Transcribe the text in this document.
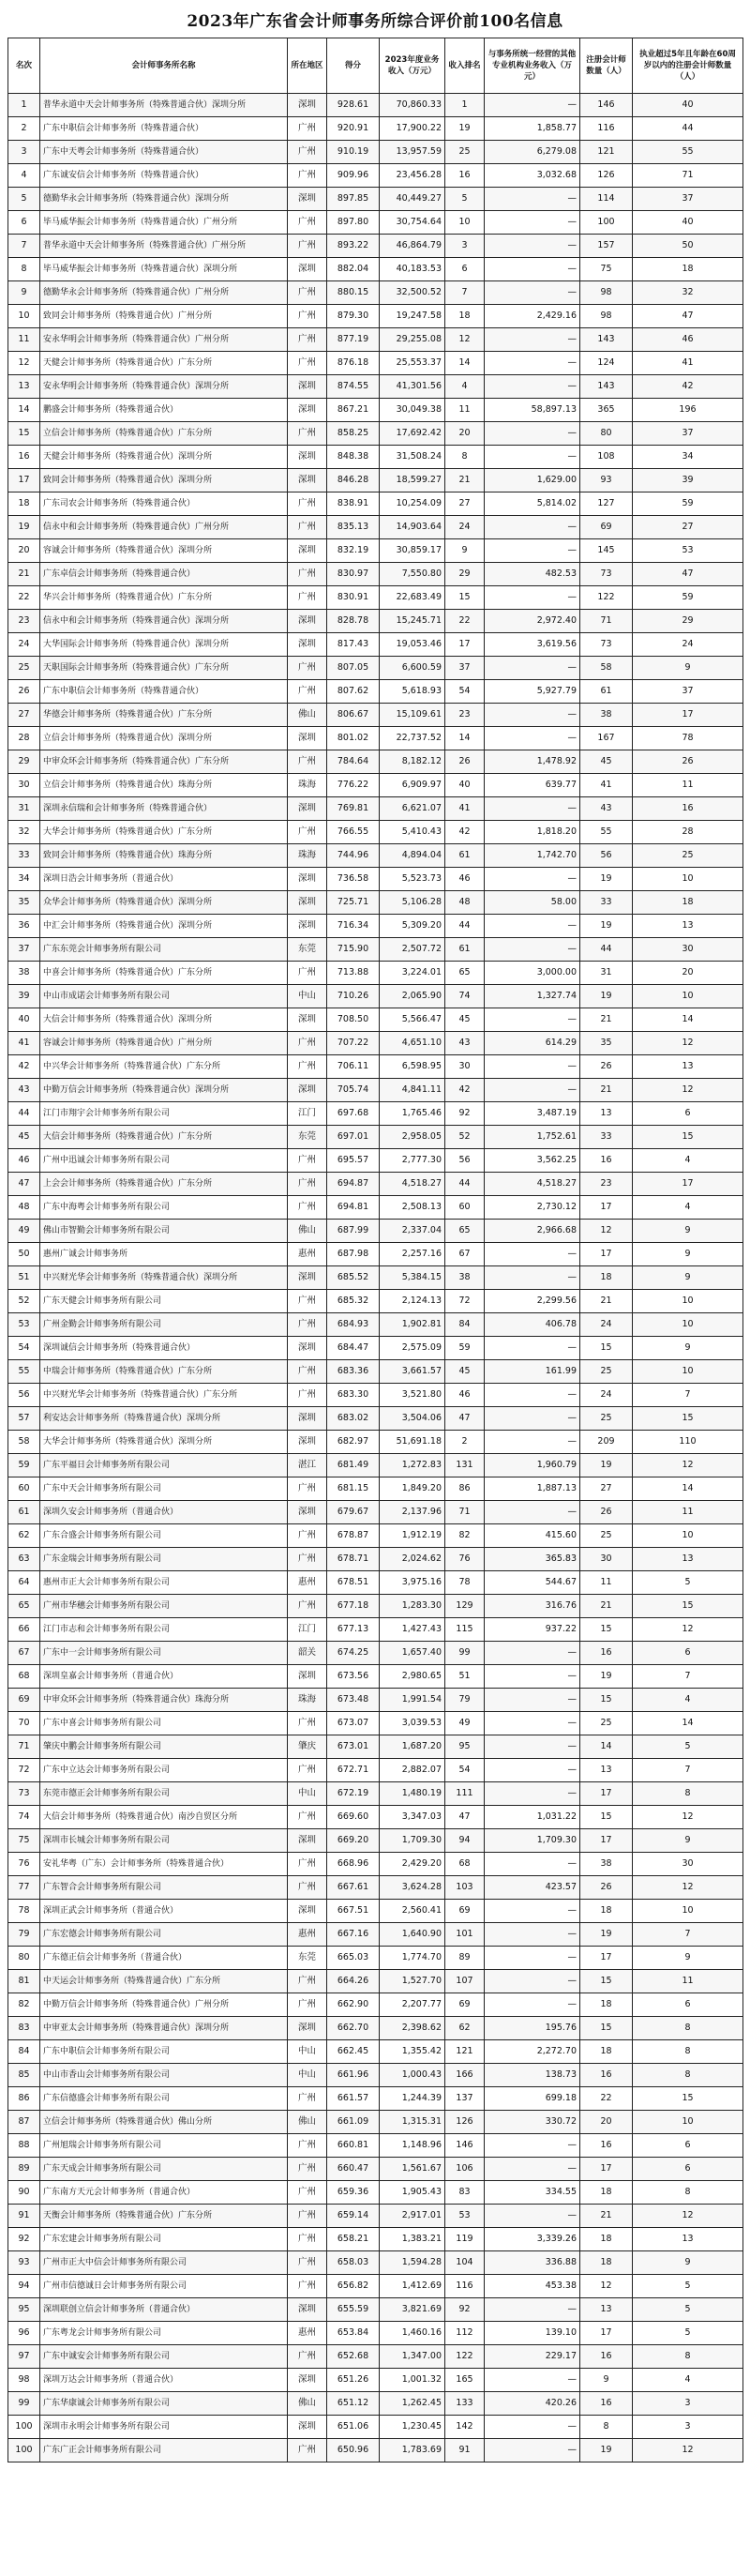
2023年广东省会计师事务所综合评价前100名信息
名次	会计师事务所名称	所在地区	得分	2023年度业务收入（万元）	收入排名	与事务所统一经营的其他专业机构业务收入（万元）	注册会计师数量（人）	执业超过5年且年龄在60周岁以内的注册会计师数量（人）
1	普华永道中天会计师事务所（特殊普通合伙）深圳分所	深圳	928.61	70,860.33	1	—	146	40
2	广东中职信会计师事务所（特殊普通合伙）	广州	920.91	17,900.22	19	1,858.77	116	44
3	广东中天粤会计师事务所（特殊普通合伙）	广州	910.19	13,957.59	25	6,279.08	121	55
4	广东诚安信会计师事务所（特殊普通合伙）	广州	909.96	23,456.28	16	3,032.68	126	71
5	德勤华永会计师事务所（特殊普通合伙）深圳分所	深圳	897.85	40,449.27	5	—	114	37
6	毕马威华振会计师事务所（特殊普通合伙）广州分所	广州	897.80	30,754.64	10	—	100	40
7	普华永道中天会计师事务所（特殊普通合伙）广州分所	广州	893.22	46,864.79	3	—	157	50
8	毕马威华振会计师事务所（特殊普通合伙）深圳分所	深圳	882.04	40,183.53	6	—	75	18
9	德勤华永会计师事务所（特殊普通合伙）广州分所	广州	880.15	32,500.52	7	—	98	32
10	致同会计师事务所（特殊普通合伙）广州分所	广州	879.30	19,247.58	18	2,429.16	98	47
11	安永华明会计师事务所（特殊普通合伙）广州分所	广州	877.19	29,255.08	12	—	143	46
12	天健会计师事务所（特殊普通合伙）广东分所	广州	876.18	25,553.37	14	—	124	41
13	安永华明会计师事务所（特殊普通合伙）深圳分所	深圳	874.55	41,301.56	4	—	143	42
14	鹏盛会计师事务所（特殊普通合伙）	深圳	867.21	30,049.38	11	58,897.13	365	196
15	立信会计师事务所（特殊普通合伙）广东分所	广州	858.25	17,692.42	20	—	80	37
16	天健会计师事务所（特殊普通合伙）深圳分所	深圳	848.38	31,508.24	8	—	108	34
17	致同会计师事务所（特殊普通合伙）深圳分所	深圳	846.28	18,599.27	21	1,629.00	93	39
18	广东司农会计师事务所（特殊普通合伙）	广州	838.91	10,254.09	27	5,814.02	127	59
19	信永中和会计师事务所（特殊普通合伙）广州分所	广州	835.13	14,903.64	24	—	69	27
20	容诚会计师事务所（特殊普通合伙）深圳分所	深圳	832.19	30,859.17	9	—	145	53
21	广东卓信会计师事务所（特殊普通合伙）	广州	830.97	7,550.80	29	482.53	73	47
22	华兴会计师事务所（特殊普通合伙）广东分所	广州	830.91	22,683.49	15	—	122	59
23	信永中和会计师事务所（特殊普通合伙）深圳分所	深圳	828.78	15,245.71	22	2,972.40	71	29
24	大华国际会计师事务所（特殊普通合伙）深圳分所	深圳	817.43	19,053.46	17	3,619.56	73	24
25	天职国际会计师事务所（特殊普通合伙）广东分所	广州	807.05	6,600.59	37	—	58	9
26	广东中职信会计师事务所（特殊普通合伙）	广州	807.62	5,618.93	54	5,927.79	61	37
27	华德会计师事务所（特殊普通合伙）广东分所	佛山	806.67	15,109.61	23	—	38	17
28	立信会计师事务所（特殊普通合伙）深圳分所	深圳	801.02	22,737.52	14	—	167	78
29	中审众环会计师事务所（特殊普通合伙）广东分所	广州	784.64	8,182.12	26	1,478.92	45	26
30	立信会计师事务所（特殊普通合伙）珠海分所	珠海	776.22	6,909.97	40	639.77	41	11
31	深圳永信瑞和会计师事务所（特殊普通合伙）	深圳	769.81	6,621.07	41	—	43	16
32	大华会计师事务所（特殊普通合伙）广东分所	广州	766.55	5,410.43	42	1,818.20	55	28
33	致同会计师事务所（特殊普通合伙）珠海分所	珠海	744.96	4,894.04	61	1,742.70	56	25
34	深圳日浩会计师事务所（普通合伙）	深圳	736.58	5,523.73	46	—	19	10
35	众华会计师事务所（特殊普通合伙）深圳分所	深圳	725.71	5,106.28	48	58.00	33	18
36	中汇会计师事务所（特殊普通合伙）深圳分所	深圳	716.34	5,309.20	44	—	19	13
37	广东东莞会计师事务所有限公司	东莞	715.90	2,507.72	61	—	44	30
38	中喜会计师事务所（特殊普通合伙）广东分所	广州	713.88	3,224.01	65	3,000.00	31	20
39	中山市成诺会计师事务所有限公司	中山	710.26	2,065.90	74	1,327.74	19	10
40	大信会计师事务所（特殊普通合伙）深圳分所	深圳	708.50	5,566.47	45	—	21	14
41	容诚会计师事务所（特殊普通合伙）广州分所	广州	707.22	4,651.10	43	614.29	35	12
42	中兴华会计师事务所（特殊普通合伙）广东分所	广州	706.11	6,598.95	30	—	26	13
43	中勤万信会计师事务所（特殊普通合伙）深圳分所	深圳	705.74	4,841.11	42	—	21	12
44	江门市翔宇会计师事务所有限公司	江门	697.68	1,765.46	92	3,487.19	13	6
45	大信会计师事务所（特殊普通合伙）广东分所	东莞	697.01	2,958.05	52	1,752.61	33	15
46	广州中迅诚会计师事务所有限公司	广州	695.57	2,777.30	56	3,562.25	16	4
47	上会会计师事务所（特殊普通合伙）广东分所	广州	694.87	4,518.27	44	4,518.27	23	17
48	广东中海粤会计师事务所有限公司	广州	694.81	2,508.13	60	2,730.12	17	4
49	佛山市智勤会计师事务所有限公司	佛山	687.99	2,337.04	65	2,966.68	12	9
50	惠州广诚会计师事务所	惠州	687.98	2,257.16	67	—	17	9
51	中兴财光华会计师事务所（特殊普通合伙）深圳分所	深圳	685.52	5,384.15	38	—	18	9
52	广东天健会计师事务所有限公司	广州	685.32	2,124.13	72	2,299.56	21	10
53	广州金勤会计师事务所有限公司	广州	684.93	1,902.81	84	406.78	24	10
54	深圳诚信会计师事务所（特殊普通合伙）	深圳	684.47	2,575.09	59	—	15	9
55	中瑞会计师事务所（特殊普通合伙）广东分所	广州	683.36	3,661.57	45	161.99	25	10
56	中兴财光华会计师事务所（特殊普通合伙）广东分所	广州	683.30	3,521.80	46	—	24	7
57	利安达会计师事务所（特殊普通合伙）深圳分所	深圳	683.02	3,504.06	47	—	25	15
58	大华会计师事务所（特殊普通合伙）深圳分所	深圳	682.97	51,691.18	2	—	209	110
59	广东平福日会计师事务所有限公司	湛江	681.49	1,272.83	131	1,960.79	19	12
60	广东中天会计师事务所有限公司	广州	681.15	1,849.20	86	1,887.13	27	14
61	深圳久安会计师事务所（普通合伙）	深圳	679.67	2,137.96	71	—	26	11
62	广东合盛会计师事务所有限公司	广州	678.87	1,912.19	82	415.60	25	10
63	广东金瑞会计师事务所有限公司	广州	678.71	2,024.62	76	365.83	30	13
64	惠州市正大会计师事务所有限公司	惠州	678.51	3,975.16	78	544.67	11	5
65	广州市华穗会计师事务所有限公司	广州	677.18	1,283.30	129	316.76	21	15
66	江门市志和会计师事务所有限公司	江门	677.13	1,427.43	115	937.22	15	12
67	广东中一会计师事务所有限公司	韶关	674.25	1,657.40	99	—	16	6
68	深圳皇嘉会计师事务所（普通合伙）	深圳	673.56	2,980.65	51	—	19	7
69	中审众环会计师事务所（特殊普通合伙）珠海分所	珠海	673.48	1,991.54	79	—	15	4
70	广东中喜会计师事务所有限公司	广州	673.07	3,039.53	49	—	25	14
71	肇庆中鹏会计师事务所有限公司	肇庆	673.01	1,687.20	95	—	14	5
72	广东中立达会计师事务所有限公司	广州	672.71	2,882.07	54	—	13	7
73	东莞市德正会计师事务所有限公司	中山	672.19	1,480.19	111	—	17	8
74	大信会计师事务所（特殊普通合伙）南沙自贸区分所	广州	669.60	3,347.03	47	1,031.22	15	12
75	深圳市长城会计师事务所有限公司	深圳	669.20	1,709.30	94	1,709.30	17	9
76	安礼华粤（广东）会计师事务所（特殊普通合伙）	广州	668.96	2,429.20	68	—	38	30
77	广东智合会计师事务所有限公司	广州	667.61	3,624.28	103	423.57	26	12
78	深圳正武会计师事务所（普通合伙）	深圳	667.51	2,560.41	69	—	18	10
79	广东宏德会计师事务所有限公司	惠州	667.16	1,640.90	101	—	19	7
80	广东德正信会计师事务所（普通合伙）	东莞	665.03	1,774.70	89	—	17	9
81	中天运会计师事务所（特殊普通合伙）广东分所	广州	664.26	1,527.70	107	—	15	11
82	中勤万信会计师事务所（特殊普通合伙）广州分所	广州	662.90	2,207.77	69	—	18	6
83	中审亚太会计师事务所（特殊普通合伙）深圳分所	深圳	662.70	2,398.62	62	195.76	15	8
84	广东中职信会计师事务所有限公司	中山	662.45	1,355.42	121	2,272.70	18	8
85	中山市香山会计师事务所有限公司	中山	661.96	1,000.43	166	138.73	16	8
86	广东信德盛会计师事务所有限公司	广州	661.57	1,244.39	137	699.18	22	15
87	立信会计师事务所（特殊普通合伙）佛山分所	佛山	661.09	1,315.31	126	330.72	20	10
88	广州旭瑞会计师事务所有限公司	广州	660.81	1,148.96	146	—	16	6
89	广东天成会计师事务所有限公司	广州	660.47	1,561.67	106	—	17	6
90	广东南方天元会计师事务所（普通合伙）	广州	659.36	1,905.43	83	334.55	18	8
91	天衡会计师事务所（特殊普通合伙）广东分所	广州	659.14	2,917.01	53	—	21	12
92	广东宏建会计师事务所有限公司	广州	658.21	1,383.21	119	3,339.26	18	13
93	广州市正大中信会计师事务所有限公司	广州	658.03	1,594.28	104	336.88	18	9
94	广州市信德诚日会计师事务所有限公司	广州	656.82	1,412.69	116	453.38	12	5
95	深圳联创立信会计师事务所（普通合伙）	深圳	655.59	3,821.69	92	—	13	5
96	广东粤龙会计师事务所有限公司	惠州	653.84	1,460.16	112	139.10	17	5
97	广东中诚安会计师事务所有限公司	广州	652.68	1,347.00	122	229.17	16	8
98	深圳万达会计师事务所（普通合伙）	深圳	651.26	1,001.32	165	—	9	4
99	广东华康诚会计师事务所有限公司	佛山	651.12	1,262.45	133	420.26	16	3
100	深圳市永明会计师事务所有限公司	深圳	651.06	1,230.45	142	—	8	3
100	广东广正会计师事务所有限公司	广州	650.96	1,783.69	91	—	19	12
